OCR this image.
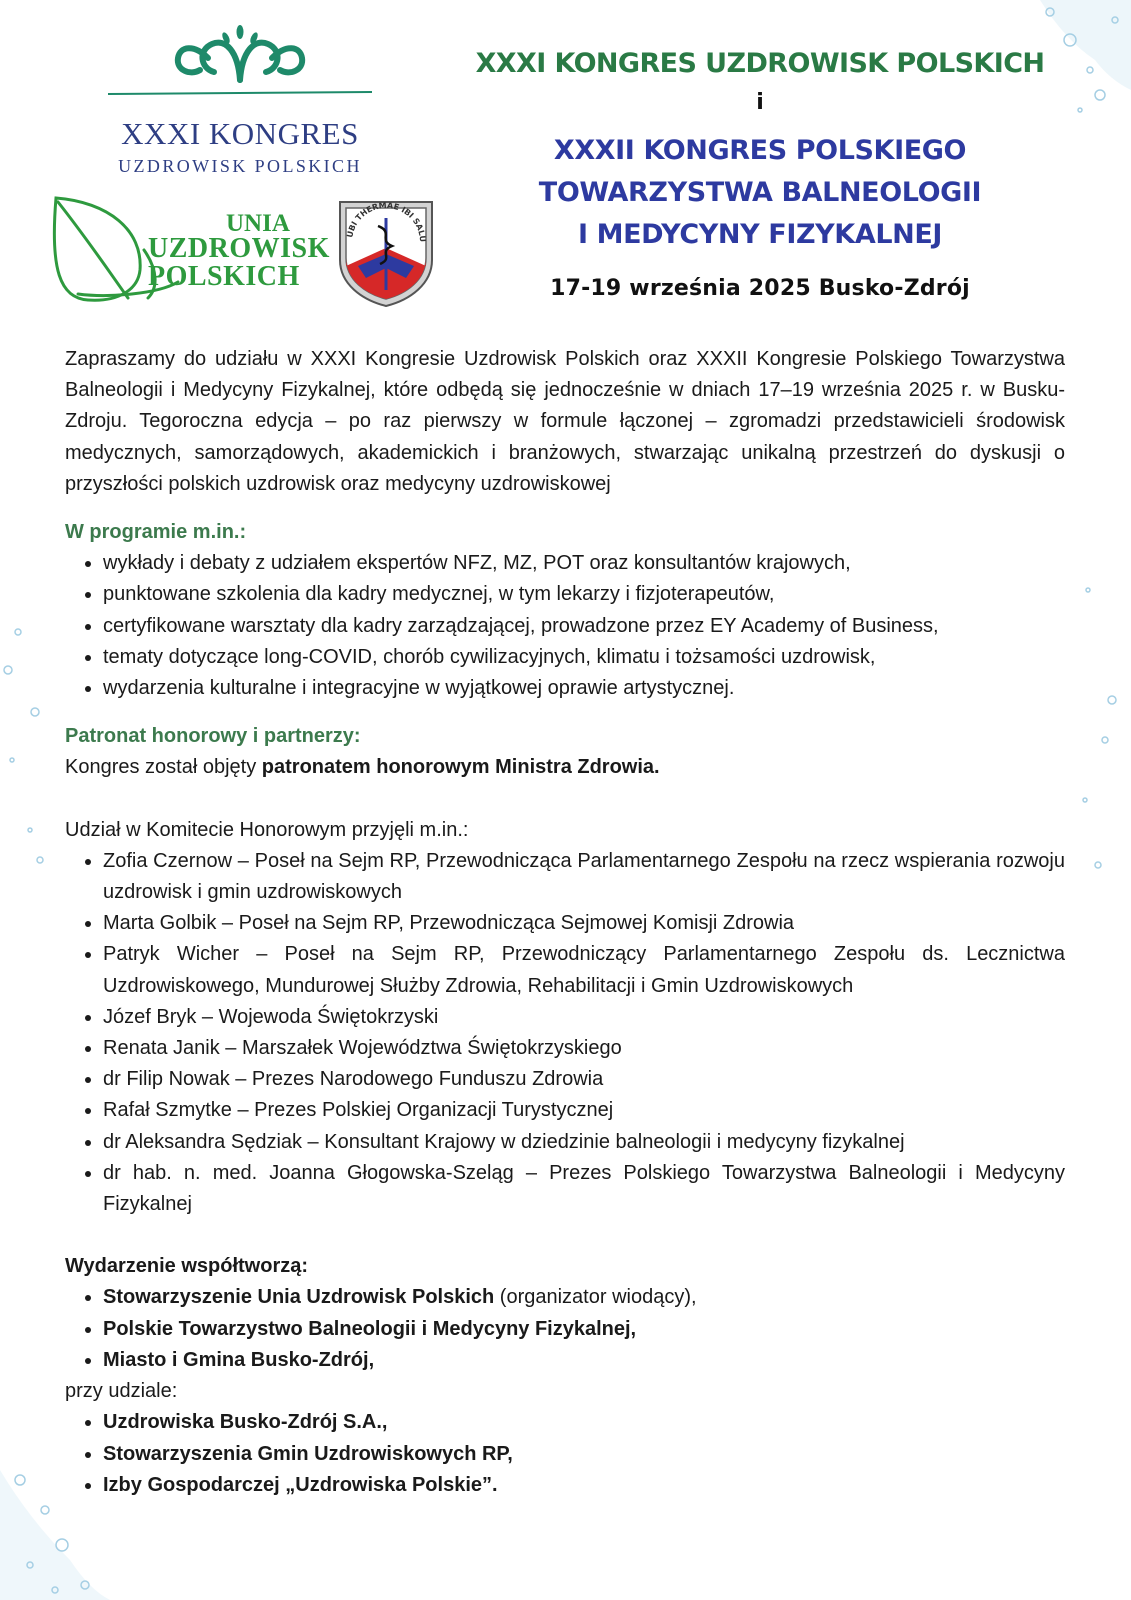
XXXI KONGRES
UZDROWISK POLSKICH
UNIA
UZDROWISK
POLSKICH
UBI THERMAE IBI SALU
XXXI KONGRES UZDROWISK POLSKICH
i
XXXII KONGRES POLSKIEGO
TOWARZYSTWA BALNEOLOGII
I MEDYCYNY FIZYKALNEJ
17-19 września 2025 Busko-Zdrój

Zapraszamy do udziału w XXXI Kongresie Uzdrowisk Polskich oraz XXXII Kongresie Polskiego Towarzystwa Balneologii i Medycyny Fizykalnej, które odbędą się jednocześnie w dniach 17–19 września 2025 r. w Busku-Zdroju. Tegoroczna edycja – po raz pierwszy w formule łączonej – zgromadzi przedstawicieli środowisk medycznych, samorządowych, akademickich i branżowych, stwarzając unikalną przestrzeń do dyskusji o przyszłości polskich uzdrowisk oraz medycyny uzdrowiskowej

W programie m.in.:

• wykłady i debaty z udziałem ekspertów NFZ, MZ, POT oraz konsultantów krajowych,
• punktowane szkolenia dla kadry medycznej, w tym lekarzy i fizjoterapeutów,
• certyfikowane warsztaty dla kadry zarządzającej, prowadzone przez EY Academy of Business,
• tematy dotyczące long-COVID, chorób cywilizacyjnych, klimatu i tożsamości uzdrowisk,
• wydarzenia kulturalne i integracyjne w wyjątkowej oprawie artystycznej.

Patronat honorowy i partnerzy:

Kongres został objęty patronatem honorowym Ministra Zdrowia.

Udział w Komitecie Honorowym przyjęli m.in.:

• Zofia Czernow – Poseł na Sejm RP, Przewodnicząca Parlamentarnego Zespołu na rzecz wspierania rozwoju uzdrowisk i gmin uzdrowiskowych
• Marta Golbik – Poseł na Sejm RP, Przewodnicząca Sejmowej Komisji Zdrowia
• Patryk Wicher – Poseł na Sejm RP, Przewodniczący Parlamentarnego Zespołu ds. Lecznictwa Uzdrowiskowego, Mundurowej Służby Zdrowia, Rehabilitacji i Gmin Uzdrowiskowych
• Józef Bryk – Wojewoda Świętokrzyski
• Renata Janik – Marszałek Województwa Świętokrzyskiego
• dr Filip Nowak – Prezes Narodowego Funduszu Zdrowia
• Rafał Szmytke – Prezes Polskiej Organizacji Turystycznej
• dr Aleksandra Sędziak – Konsultant Krajowy w dziedzinie balneologii i medycyny fizykalnej
• dr hab. n. med. Joanna Głogowska-Szeląg – Prezes Polskiego Towarzystwa Balneologii i Medycyny Fizykalnej

Wydarzenie współtworzą:

• Stowarzyszenie Unia Uzdrowisk Polskich (organizator wiodący),
• Polskie Towarzystwo Balneologii i Medycyny Fizykalnej,
• Miasto i Gmina Busko-Zdrój,

przy udziale:

• Uzdrowiska Busko-Zdrój S.A.,
• Stowarzyszenia Gmin Uzdrowiskowych RP,
• Izby Gospodarczej „Uzdrowiska Polskie”.
